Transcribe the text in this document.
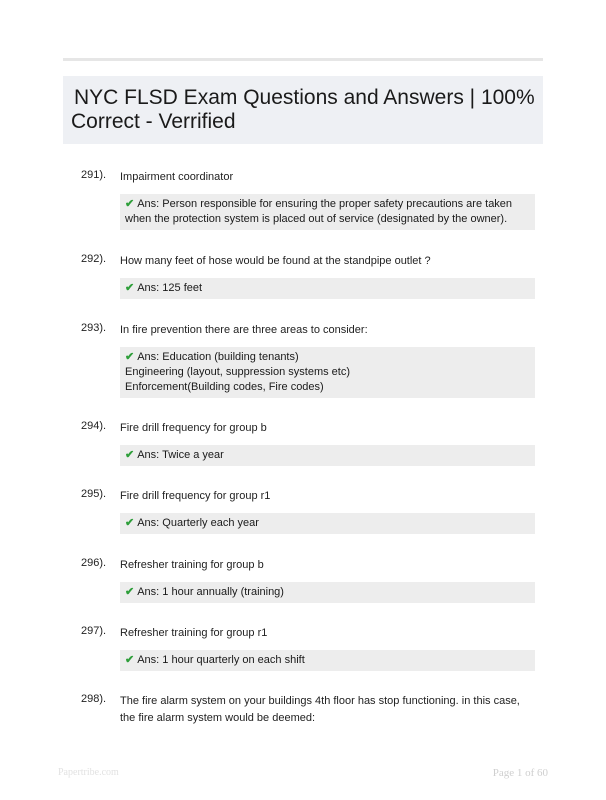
NYC FLSD Exam Questions and Answers | 100% Correct - Verrified
291). Impairment coordinator
✔ Ans: Person responsible for ensuring the proper safety precautions are taken when the protection system is placed out of service (designated by the owner).
292). How many feet of hose would be found at the standpipe outlet ?
✔ Ans: 125 feet
293). In fire prevention there are three areas to consider:
✔ Ans: Education (building tenants)
Engineering (layout, suppression systems etc)
Enforcement(Building codes, Fire codes)
294). Fire drill frequency for group b
✔ Ans: Twice a year
295). Fire drill frequency for group r1
✔ Ans: Quarterly each year
296). Refresher training for group b
✔ Ans: 1 hour annually (training)
297). Refresher training for group r1
✔ Ans: 1 hour quarterly on each shift
298). The fire alarm system on your buildings 4th floor has stop functioning. in this case, the fire alarm system would be deemed:
Papertribe.com	Page 1 of 60
